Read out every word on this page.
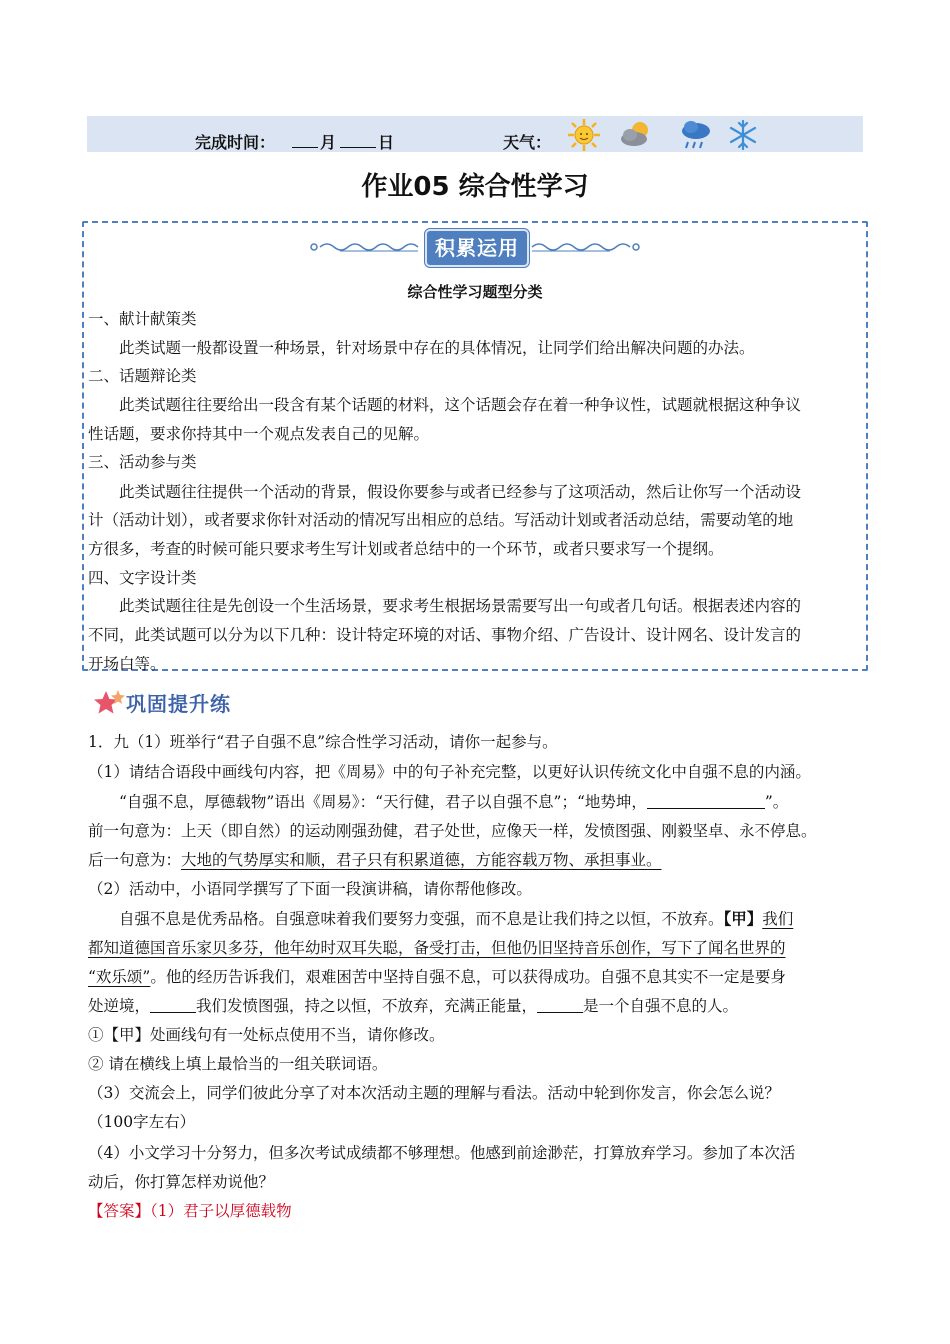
完成时间：	月	日	天气：
作业05 综合性学习
积累运用
综合性学习题型分类
一、献计献策类
此类试题一般都设置一种场景，针对场景中存在的具体情况，让同学们给出解决问题的办法。
二、话题辩论类
此类试题往往要给出一段含有某个话题的材料，这个话题会存在着一种争议性，试题就根据这种争议
性话题，要求你持其中一个观点发表自己的见解。
三、活动参与类
此类试题往往提供一个活动的背景，假设你要参与或者已经参与了这项活动，然后让你写一个活动设
计（活动计划），或者要求你针对活动的情况写出相应的总结。写活动计划或者活动总结，需要动笔的地
方很多，考查的时候可能只要求考生写计划或者总结中的一个环节，或者只要求写一个提纲。
四、文字设计类
此类试题往往是先创设一个生活场景，要求考生根据场景需要写出一句或者几句话。根据表述内容的
不同，此类试题可以分为以下几种：设计特定环境的对话、事物介绍、广告设计、设计网名、设计发言的
开场白等。
巩固提升练
1．九（1）班举行“君子自强不息”综合性学习活动，请你一起参与。
（1）请结合语段中画线句内容，把《周易》中的句子补充完整，以更好认识传统文化中自强不息的内涵。
“自强不息，厚德载物”语出《周易》：“天行健，君子以自强不息”；“地势坤，	”。
前一句意为：上天（即自然）的运动刚强劲健，君子处世，应像天一样，发愤图强、刚毅坚卓、永不停息。
后一句意为：大地的气势厚实和顺，君子只有积累道德，方能容载万物、承担事业。
（2）活动中，小语同学撰写了下面一段演讲稿，请你帮他修改。
自强不息是优秀品格。自强意味着我们要努力变强，而不息是让我们持之以恒，不放弃。【甲】我们
都知道德国音乐家贝多芬，他年幼时双耳失聪，备受打击，但他仍旧坚持音乐创作，写下了闻名世界的
“欢乐颂”。他的经历告诉我们，艰难困苦中坚持自强不息，可以获得成功。自强不息其实不一定是要身
处逆境，	我们发愤图强，持之以恒，不放弃，充满正能量，	是一个自强不息的人。
①【甲】处画线句有一处标点使用不当，请你修改。
② 请在横线上填上最恰当的一组关联词语。
（3）交流会上，同学们彼此分享了对本次活动主题的理解与看法。活动中轮到你发言，你会怎么说？
（100字左右）
（4）小文学习十分努力，但多次考试成绩都不够理想。他感到前途渺茫，打算放弃学习。参加了本次活
动后，你打算怎样劝说他？
【答案】（1）君子以厚德载物
